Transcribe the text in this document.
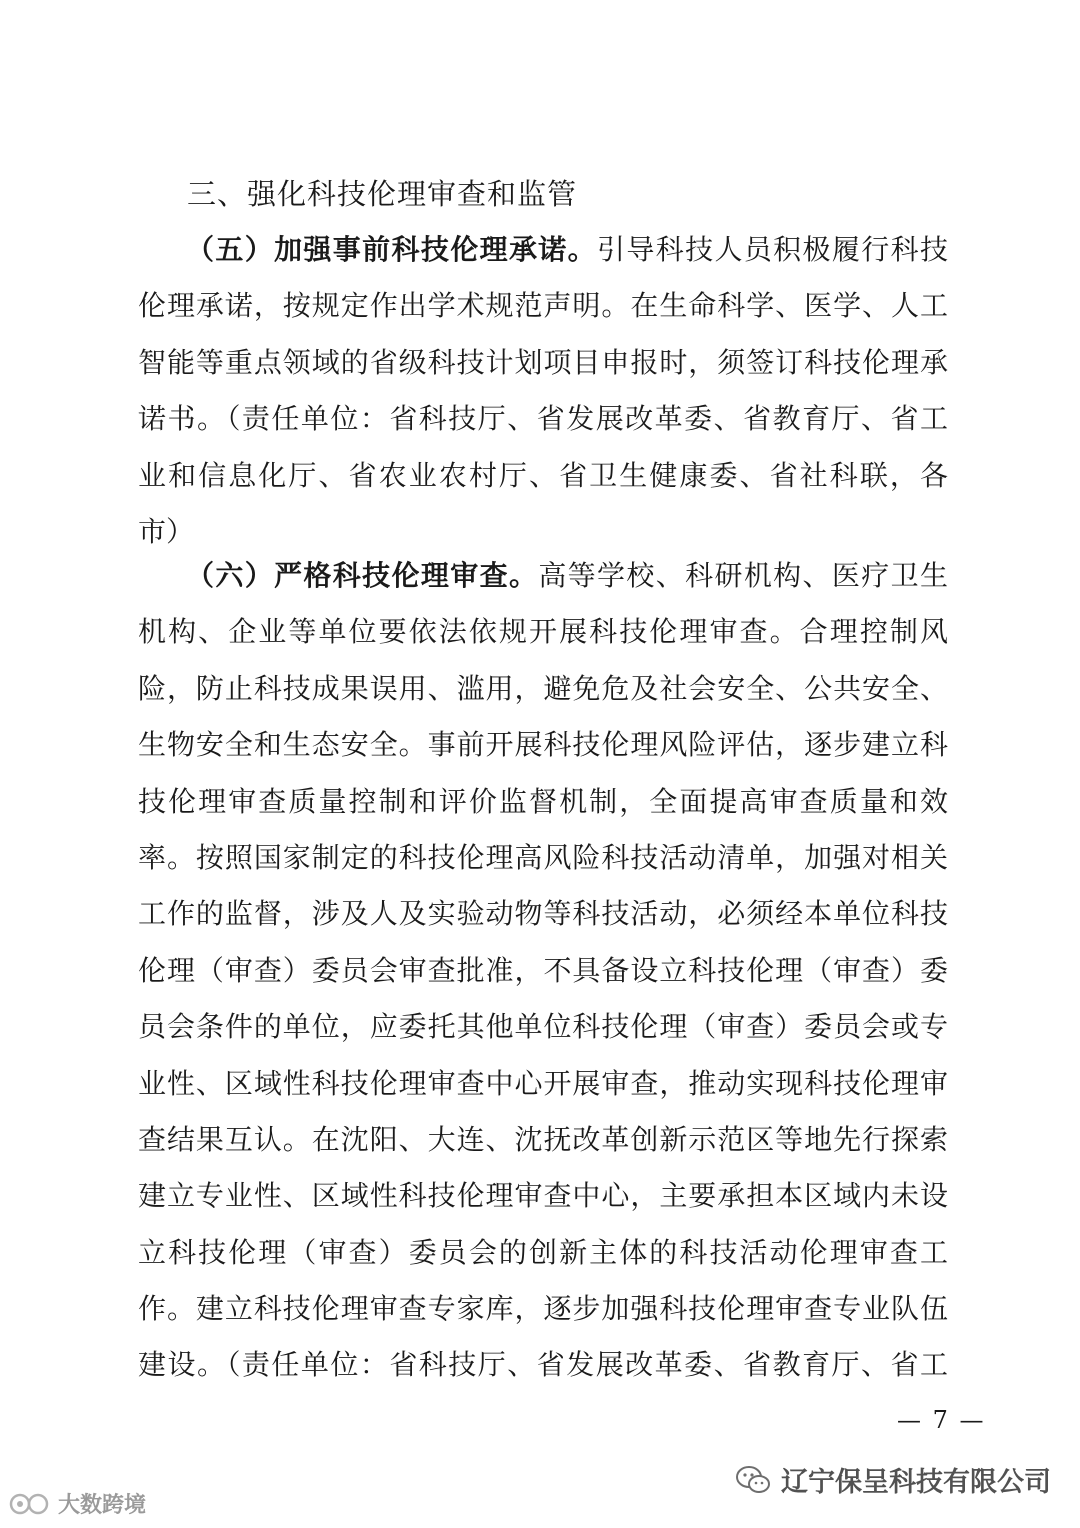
三、强化科技伦理审查和监管
（五）加强事前科技伦理承诺。引导科技人员积极履行科技
伦理承诺，按规定作出学术规范声明。在生命科学、医学、人工
智能等重点领域的省级科技计划项目申报时，须签订科技伦理承
诺书。（责任单位：省科技厅、省发展改革委、省教育厅、省工
业和信息化厅、省农业农村厅、省卫生健康委、省社科联，各
市）
（六）严格科技伦理审查。高等学校、科研机构、医疗卫生
机构、企业等单位要依法依规开展科技伦理审查。合理控制风
险，防止科技成果误用、滥用，避免危及社会安全、公共安全、
生物安全和生态安全。事前开展科技伦理风险评估，逐步建立科
技伦理审查质量控制和评价监督机制，全面提高审查质量和效
率。按照国家制定的科技伦理高风险科技活动清单，加强对相关
工作的监督，涉及人及实验动物等科技活动，必须经本单位科技
伦理（审查）委员会审查批准，不具备设立科技伦理（审查）委
员会条件的单位，应委托其他单位科技伦理（审查）委员会或专
业性、区域性科技伦理审查中心开展审查，推动实现科技伦理审
查结果互认。在沈阳、大连、沈抚改革创新示范区等地先行探索
建立专业性、区域性科技伦理审查中心，主要承担本区域内未设
立科技伦理（审查）委员会的创新主体的科技活动伦理审查工
作。建立科技伦理审查专家库，逐步加强科技伦理审查专业队伍
建设。（责任单位：省科技厅、省发展改革委、省教育厅、省工
— 7 —
辽宁保呈科技有限公司
大数跨境
